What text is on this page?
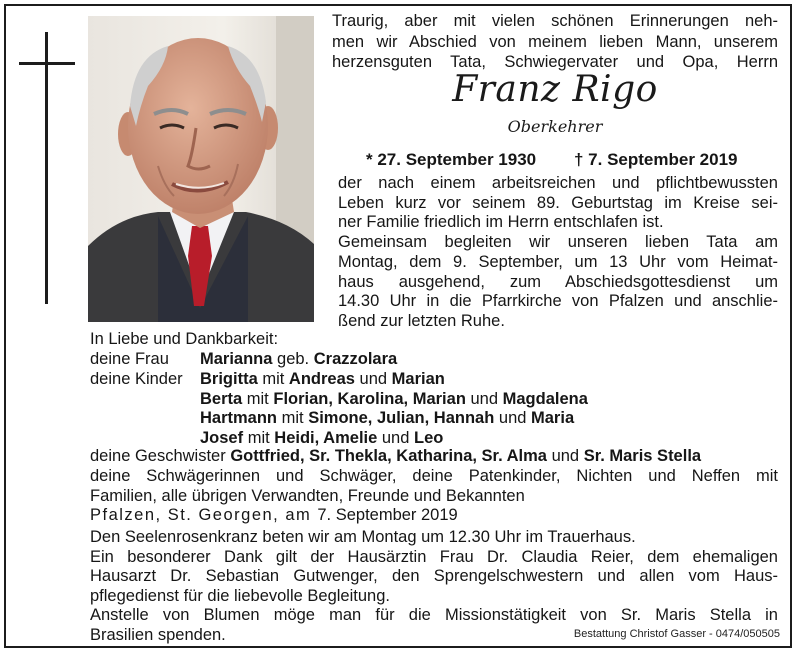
Traurig, aber mit vielen schönen Erinnerungen neh-
men wir Abschied von meinem lieben Mann, unserem
herzensguten Tata, Schwiegervater und Opa, Herrn
Franz Rigo
Oberkehrer
* 27. September 1930 † 7. September 2019
der nach einem arbeitsreichen und pflichtbewussten
Leben kurz vor seinem 89. Geburtstag im Kreise sei-
ner Familie friedlich im Herrn entschlafen ist.
Gemeinsam begleiten wir unseren lieben Tata am
Montag, dem 9. September, um 13 Uhr vom Heimat-
haus ausgehend, zum Abschiedsgottesdienst um
14.30 Uhr in die Pfarrkirche von Pfalzen und anschlie-
ßend zur letzten Ruhe.
In Liebe und Dankbarkeit:
deine Frau Marianna geb. Crazzolara
deine Kinder	Brigitta mit Andreas und Marian
Berta mit Florian, Karolina, Marian und Magdalena
Hartmann mit Simone, Julian, Hannah und Maria
Josef mit Heidi, Amelie und Leo
deine Geschwister Gottfried, Sr. Thekla, Katharina, Sr. Alma und Sr. Maris Stella
deine Schwägerinnen und Schwäger, deine Patenkinder, Nichten und Neffen mit
Familien, alle übrigen Verwandten, Freunde und Bekannten
Pfalzen, St. Georgen, am 7. September 2019
Den Seelenrosenkranz beten wir am Montag um 12.30 Uhr im Trauerhaus.
Ein besonderer Dank gilt der Hausärztin Frau Dr. Claudia Reier, dem ehemaligen
Hausarzt Dr. Sebastian Gutwenger, den Sprengelschwestern und allen vom Haus-
pflegedienst für die liebevolle Begleitung.
Anstelle von Blumen möge man für die Missionstätigkeit von Sr. Maris Stella in
Brasilien spenden.	Bestattung Christof Gasser - 0474/050505
